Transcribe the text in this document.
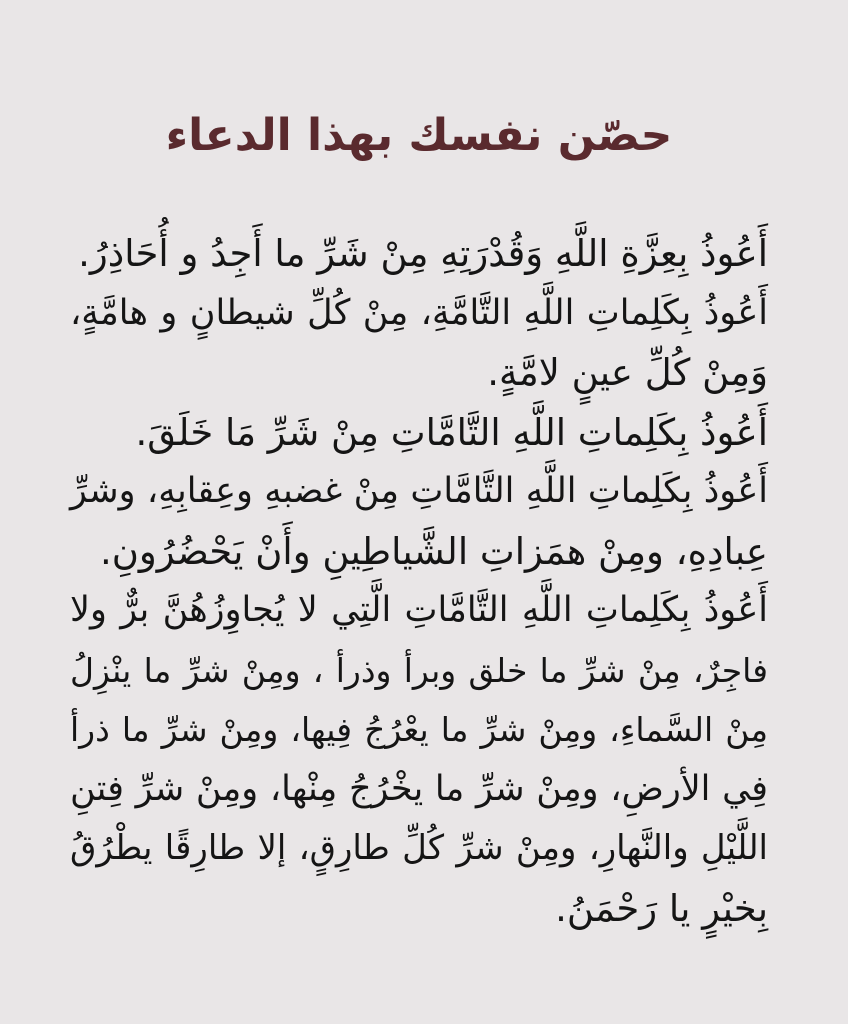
حصّن نفسك بهذا الدعاء
أَعُوذُ بِعِزَّةِ اللَّهِ وَقُدْرَتِهِ مِنْ شَرِّ ما أَجِدُ و أُحَاذِرُ.
أَعُوذُ بِكَلِماتِ اللَّهِ التَّامَّةِ، مِنْ كُلِّ شيطانٍ و هامَّةٍ،
وَمِنْ كُلِّ عينٍ لامَّةٍ.
أَعُوذُ بِكَلِماتِ اللَّهِ التَّامَّاتِ مِنْ شَرِّ مَا خَلَقَ.
أَعُوذُ بِكَلِماتِ اللَّهِ التَّامَّاتِ مِنْ غضبهِ وعِقابِهِ، وشرِّ
عِبادِهِ، ومِنْ همَزاتِ الشَّياطِينِ وأَنْ يَحْضُرُونِ.
أَعُوذُ بِكَلِماتِ اللَّهِ التَّامَّاتِ الَّتِي لا يُجاوِزُهُنَّ برٌّ ولا
فاجِرٌ، مِنْ شرِّ ما خلق وبرأ وذرأ ، ومِنْ شرِّ ما ينْزِلُ
مِنْ السَّماءِ، ومِنْ شرِّ ما يعْرُجُ فِيها، ومِنْ شرِّ ما ذرأ
فِي الأرضِ، ومِنْ شرِّ ما يخْرُجُ مِنْها، ومِنْ شرِّ فِتنِ
اللَّيْلِ والنَّهارِ، ومِنْ شرِّ كُلِّ طارِقٍ، إلا طارِقًا يطْرُقُ
بِخيْرٍ يا رَحْمَنُ.
